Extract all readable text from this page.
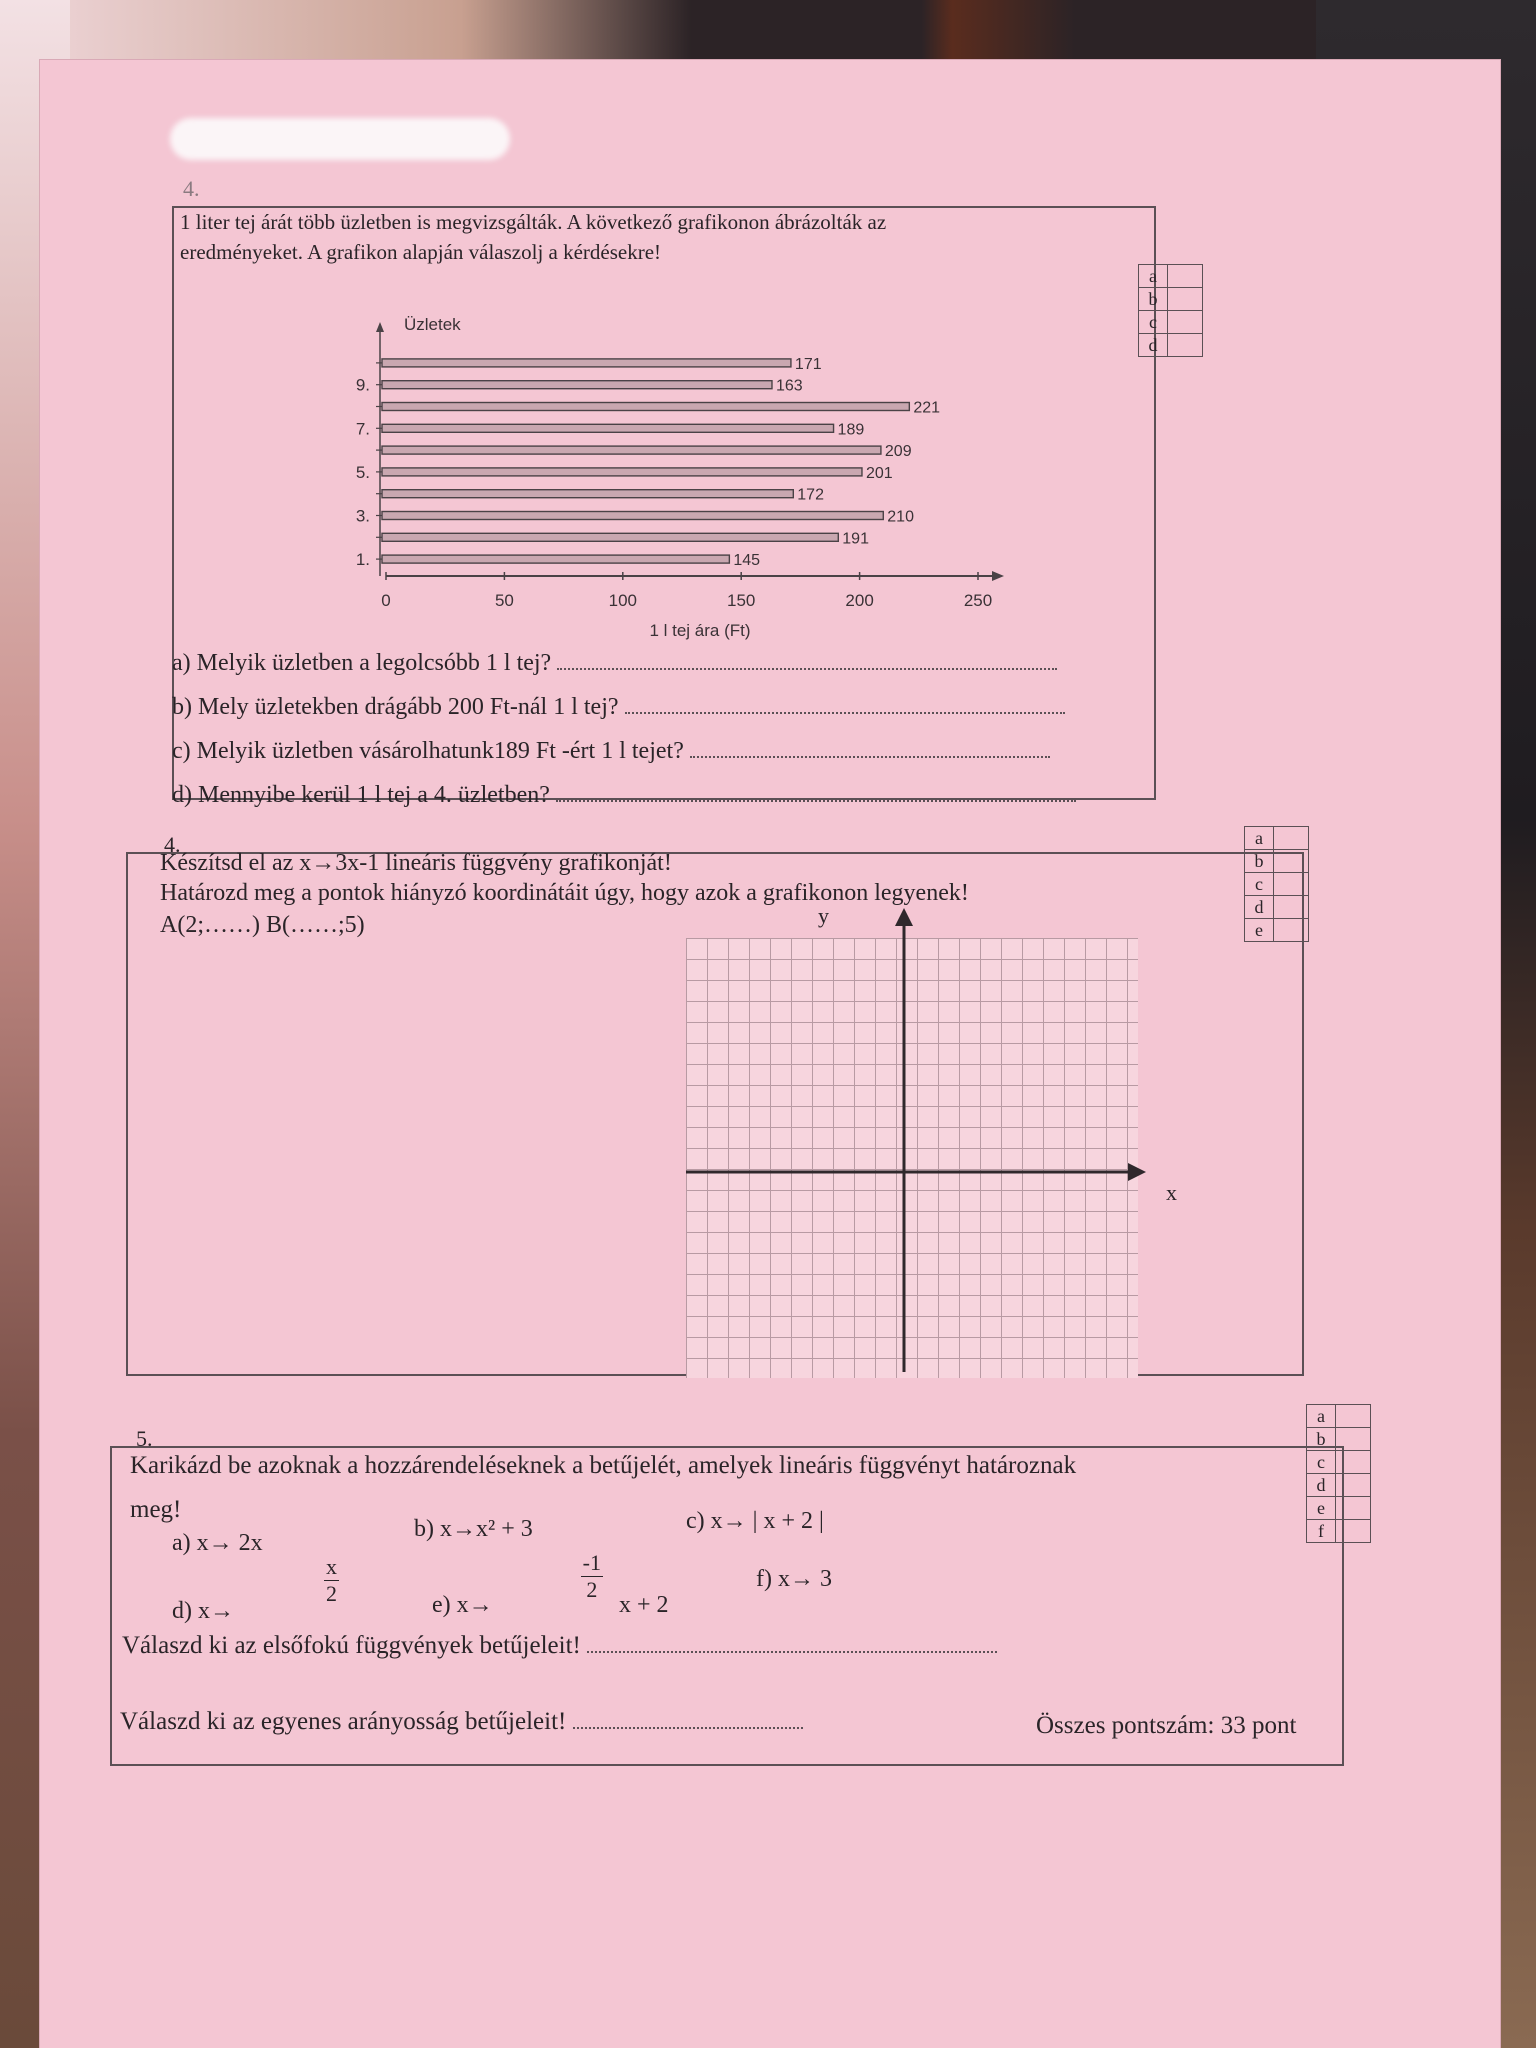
4.
1 liter tej árát több üzletben is megvizsgálták. A következő grafikonon ábrázolták az
eredményeket. A grafikon alapján válaszolj a kérdésekre!
a	
b	
c	
d	
Üzletek
1 l tej ára (Ft)
0	50	100	150	200	250
145
191
210
172
201
209
189
221
163
171
1.
3.
5.
7.
9.
a) Melyik üzletben a legolcsóbb 1 l tej?
b) Mely üzletekben drágább 200 Ft-nál 1 l tej?
c) Melyik üzletben vásárolhatunk189 Ft -ért 1 l tejet?
d) Mennyibe kerül 1 l tej a 4. üzletben?
4.
Készítsd el az x→3x-1 lineáris függvény grafikonját!
Határozd meg a pontok hiányzó koordinátáit úgy, hogy azok a grafikonon legyenek!
A(2;……) B(……;5)
a	
b	
c	
d	
e	
y
x
5.
Karikázd be azoknak a hozzárendeléseknek a betűjelét, amelyek lineáris függvényt határoznak
meg!
a	
b	
c	
d	
e	
f	
a) x→ 2x
b) x→x² + 3	c) x→ | x + 2 |
d) x→
$\frac{x}{2}$	e) x→
$\frac{-1}{2}$
x + 2
f) x→ 3
Válaszd ki az elsőfokú függvények betűjeleit!
Válaszd ki az egyenes arányosság betűjeleit!	Összes pontszám: 33 pont
